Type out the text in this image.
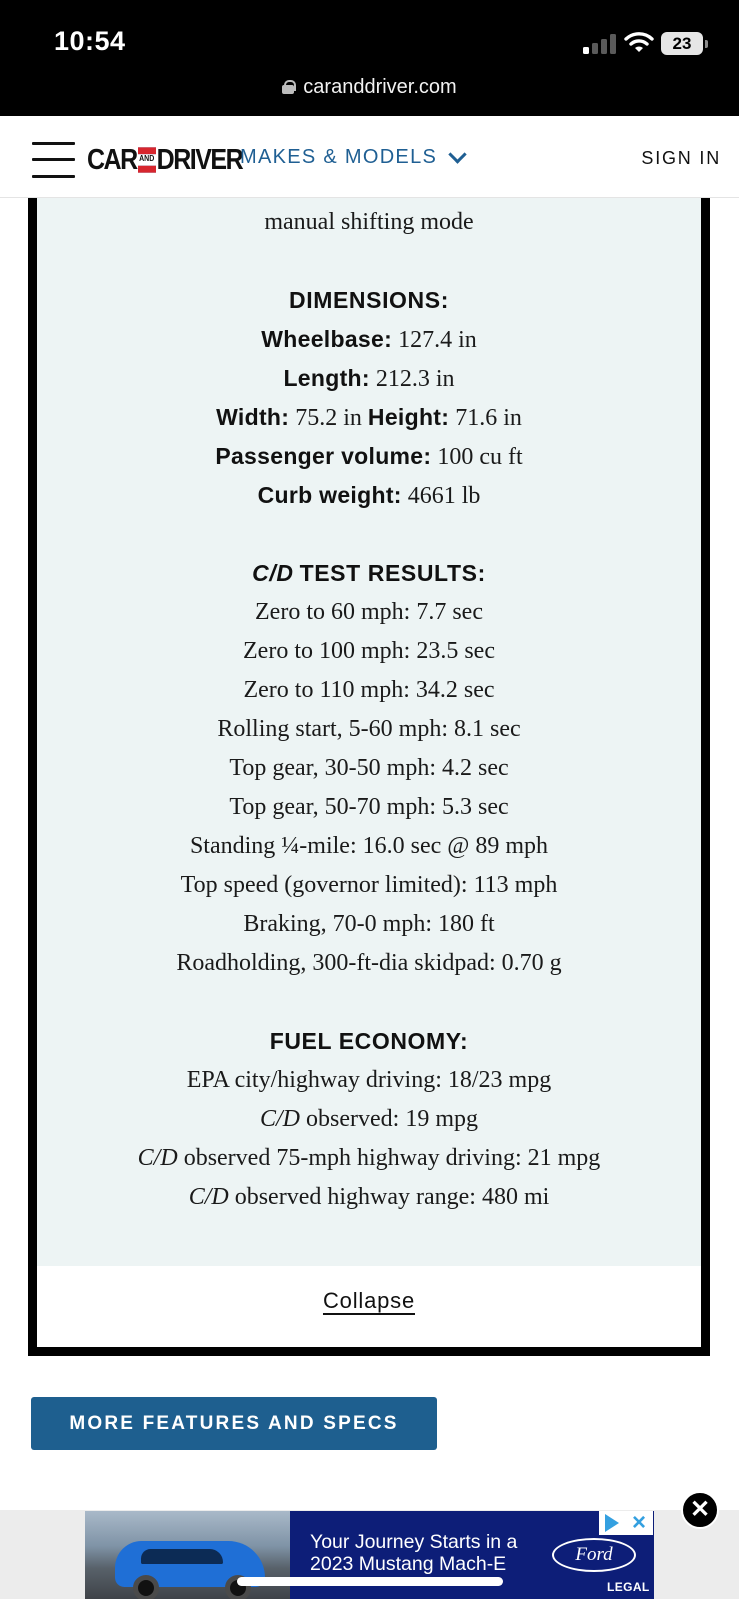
10:54	23
caranddriver.com
CAR AND DRIVER
MAKES & MODELS	SIGN IN
manual shifting mode
DIMENSIONS:
Wheelbase: 127.4 in
Length: 212.3 in
Width: 75.2 in Height: 71.6 in
Passenger volume: 100 cu ft
Curb weight: 4661 lb
C/D TEST RESULTS:
Zero to 60 mph: 7.7 sec
Zero to 100 mph: 23.5 sec
Zero to 110 mph: 34.2 sec
Rolling start, 5-60 mph: 8.1 sec
Top gear, 30-50 mph: 4.2 sec
Top gear, 50-70 mph: 5.3 sec
Standing ¼-mile: 16.0 sec @ 89 mph
Top speed (governor limited): 113 mph
Braking, 70-0 mph: 180 ft
Roadholding, 300-ft-dia skidpad: 0.70 g
FUEL ECONOMY:
EPA city/highway driving: 18/23 mpg
C/D observed: 19 mpg
C/D observed 75-mph highway driving: 21 mpg
C/D observed highway range: 480 mi
Collapse
MORE FEATURES AND SPECS
Your Journey Starts in a
2023 Mustang Mach-E	Ford
LEGAL
×	✕
